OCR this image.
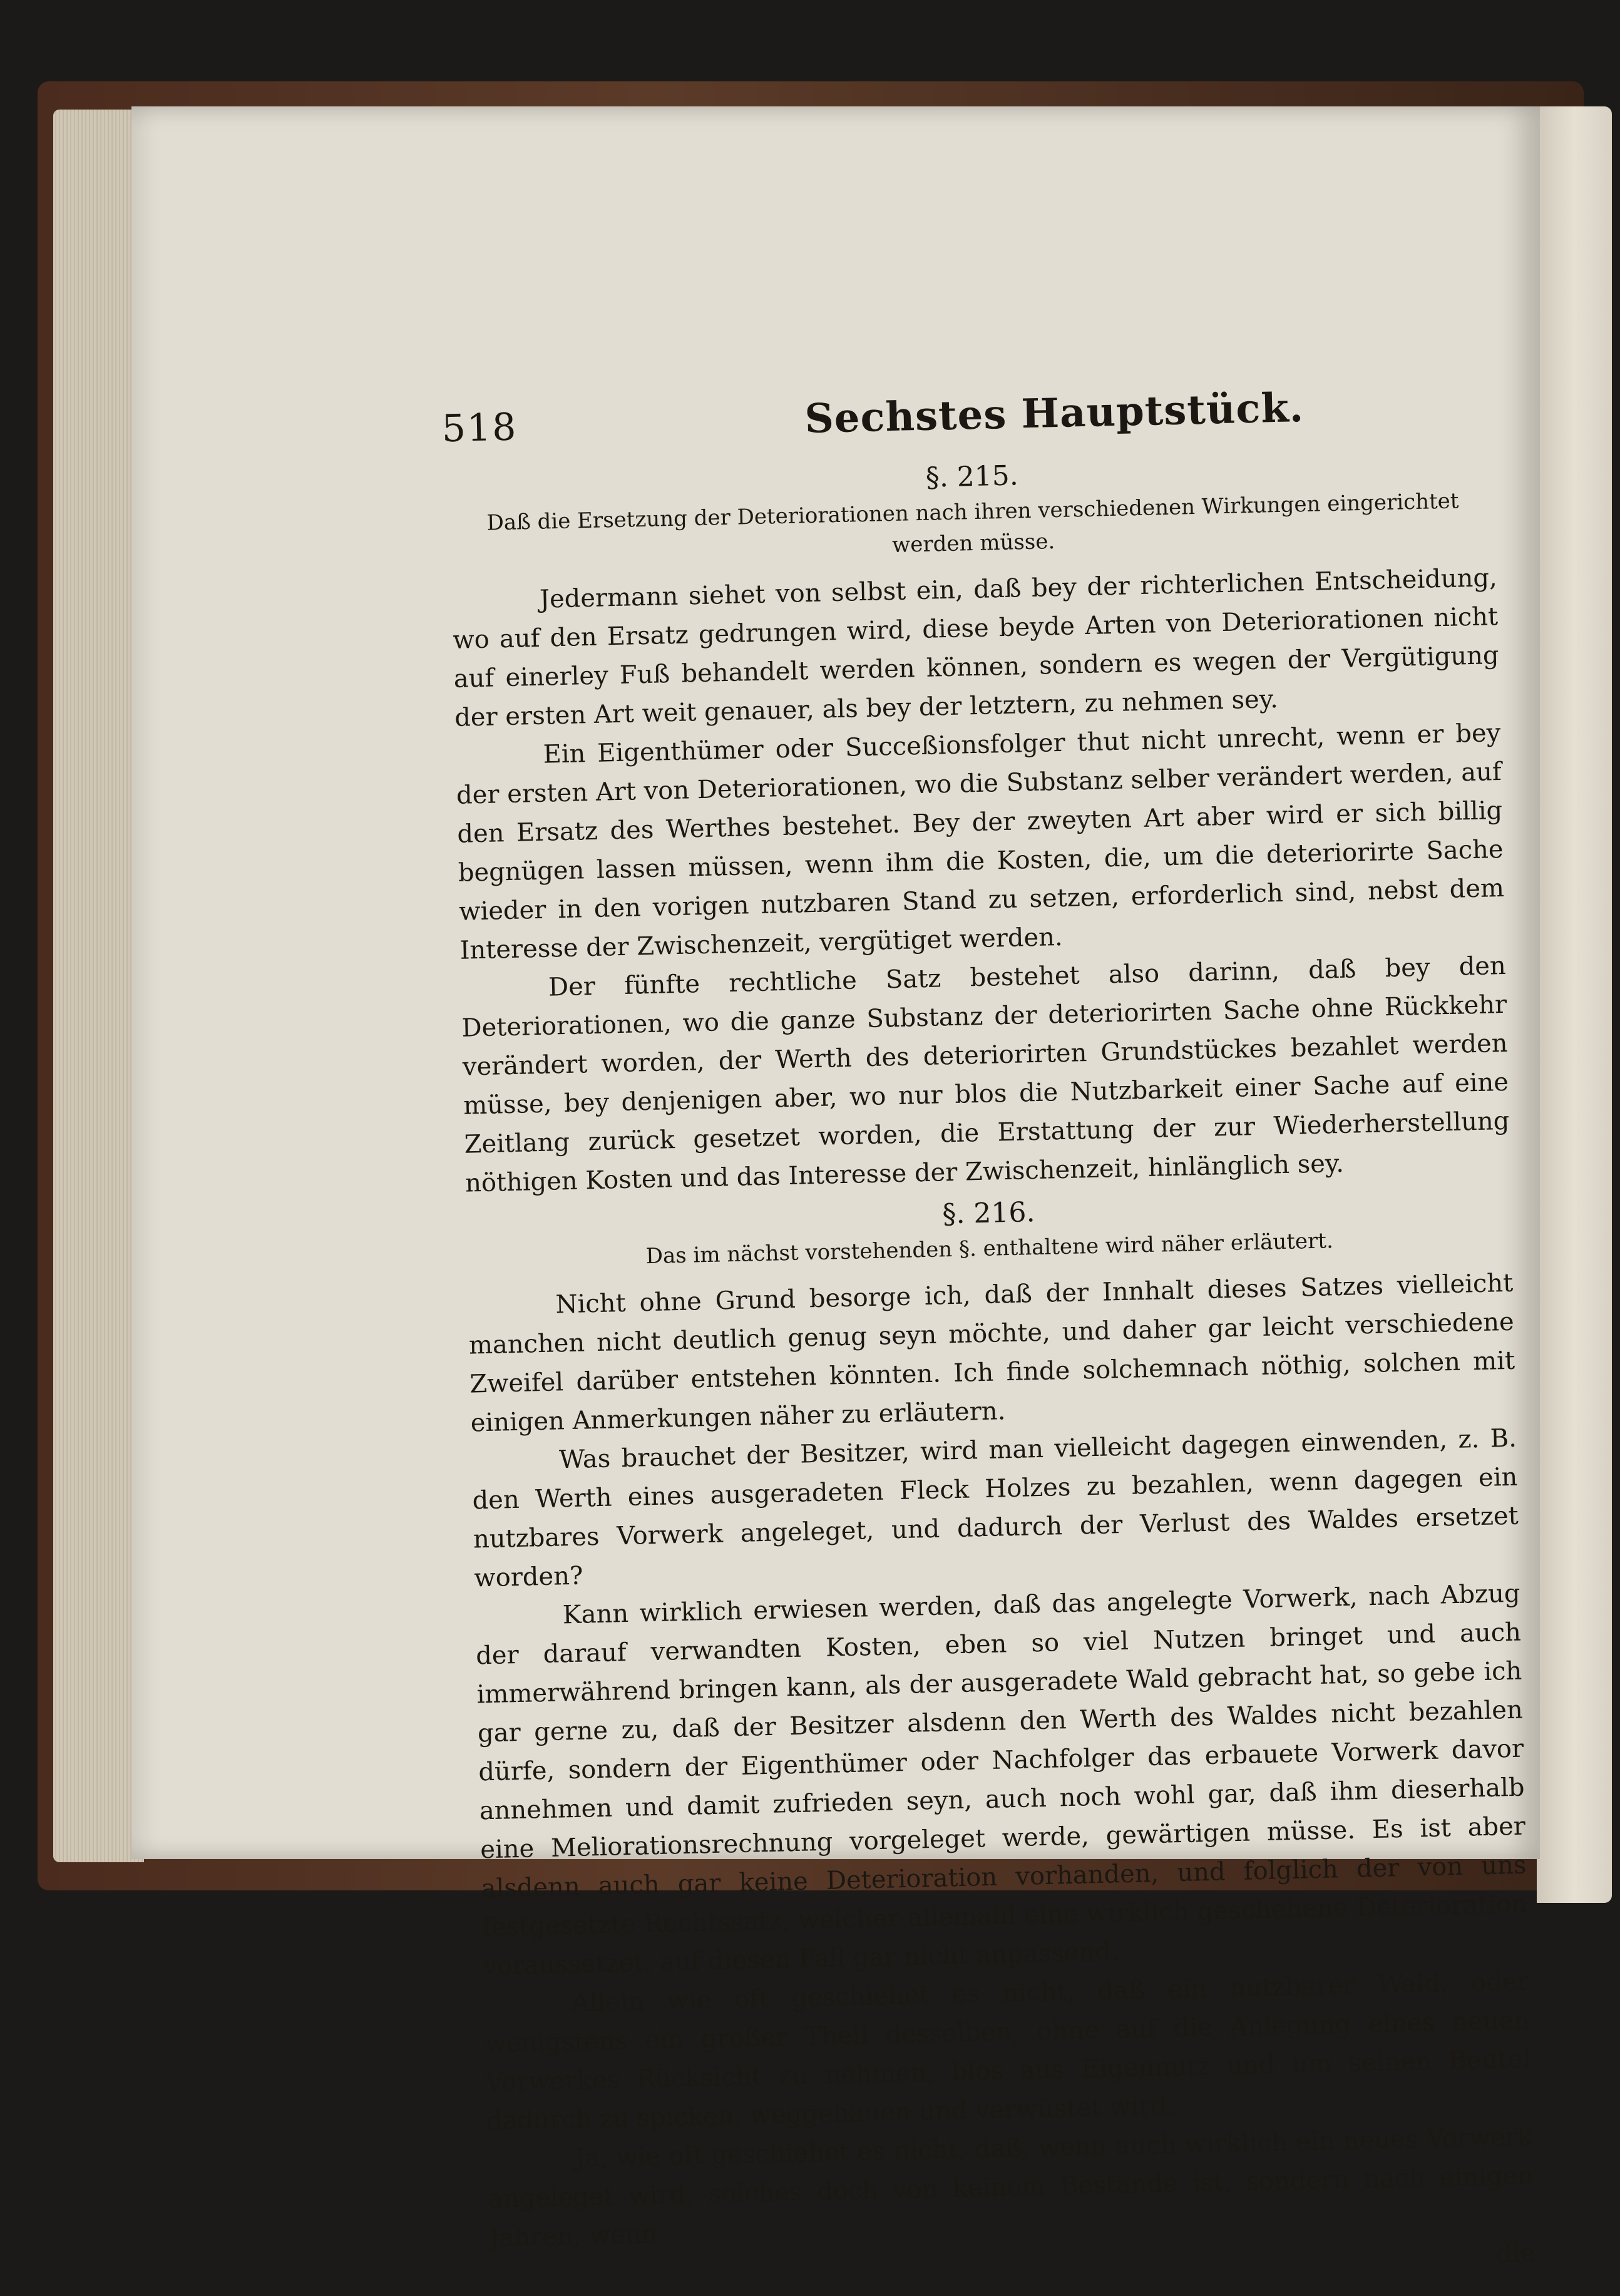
518	Sechstes Hauptstück.
§. 215.
Daß die Ersetzung der Deteriorationen nach ihren verschiedenen Wirkungen eingerichtet werden müsse.

Jedermann siehet von selbst ein, daß bey der richterlichen Entscheidung, wo auf den Ersatz gedrungen wird, diese beyde Arten von Deteriorationen nicht auf einerley Fuß behandelt werden können, sondern es wegen der Vergütigung der ersten Art weit genauer, als bey der letztern, zu nehmen sey.

Ein Eigenthümer oder Succeßionsfolger thut nicht unrecht, wenn er bey der ersten Art von Deteriorationen, wo die Substanz selber verändert werden, auf den Ersatz des Werthes bestehet. Bey der zweyten Art aber wird er sich billig begnügen lassen müssen, wenn ihm die Kosten, die, um die deteriorirte Sache wieder in den vorigen nutzbaren Stand zu setzen, erforderlich sind, nebst dem Interesse der Zwischenzeit, vergütiget werden.

Der fünfte rechtliche Satz bestehet also darinn, daß bey den Deteriorationen, wo die ganze Substanz der deteriorirten Sache ohne Rückkehr verändert worden, der Werth des deteriorirten Grundstückes bezahlet werden müsse, bey denjenigen aber, wo nur blos die Nutzbarkeit einer Sache auf eine Zeitlang zurück gesetzet worden, die Erstattung der zur Wiederherstellung nöthigen Kosten und das Interesse der Zwischenzeit, hinlänglich sey.

§. 216.
Das im nächst vorstehenden §. enthaltene wird näher erläutert.

Nicht ohne Grund besorge ich, daß der Innhalt dieses Satzes vielleicht manchen nicht deutlich genug seyn möchte, und daher gar leicht verschiedene Zweifel darüber entstehen könnten. Ich finde solchemnach nöthig, solchen mit einigen Anmerkungen näher zu erläutern.

Was brauchet der Besitzer, wird man vielleicht dagegen einwenden, z. B. den Werth eines ausgeradeten Fleck Holzes zu bezahlen, wenn dagegen ein nutzbares Vorwerk angeleget, und dadurch der Verlust des Waldes ersetzet worden?

Kann wirklich erwiesen werden, daß das angelegte Vorwerk, nach Abzug der darauf verwandten Kosten, eben so viel Nutzen bringet und auch immerwährend bringen kann, als der ausgeradete Wald gebracht hat, so gebe ich gar gerne zu, daß der Besitzer alsdenn den Werth des Waldes nicht bezahlen dürfe, sondern der Eigenthümer oder Nachfolger das erbauete Vorwerk davor annehmen und damit zufrieden seyn, auch noch wohl gar, daß ihm dieserhalb eine Meliorationsrechnung vorgeleget werde, gewärtigen müsse. Es ist aber alsdenn auch gar keine Deterioration vorhanden, und folglich der von uns festgesetzte Rechtssatz, welcher allemahl eine wirklich geschehene Deterioration voraussetzet, auf diesen Fall gar nicht anpassend.

Allein wie oft geschiehet es nicht, daß ein nutzbarer Wald, oder wenigstens ein großer Theil desselben, ohne auf die Anlegung eines neuen Vorwerkes Rücksicht zu nehmen, blos aus Eigennutz und um seinen Beutel dadurch zu spicken, weggehauen und verwüstet wird.

Ja, wie oft geschiehet es nicht, daß, wenn auch wirklich ein neues Vorwerk angeleget wird, solches doch von keinem Bestande ist, sondern nach einigen Jahren, wenn

die
